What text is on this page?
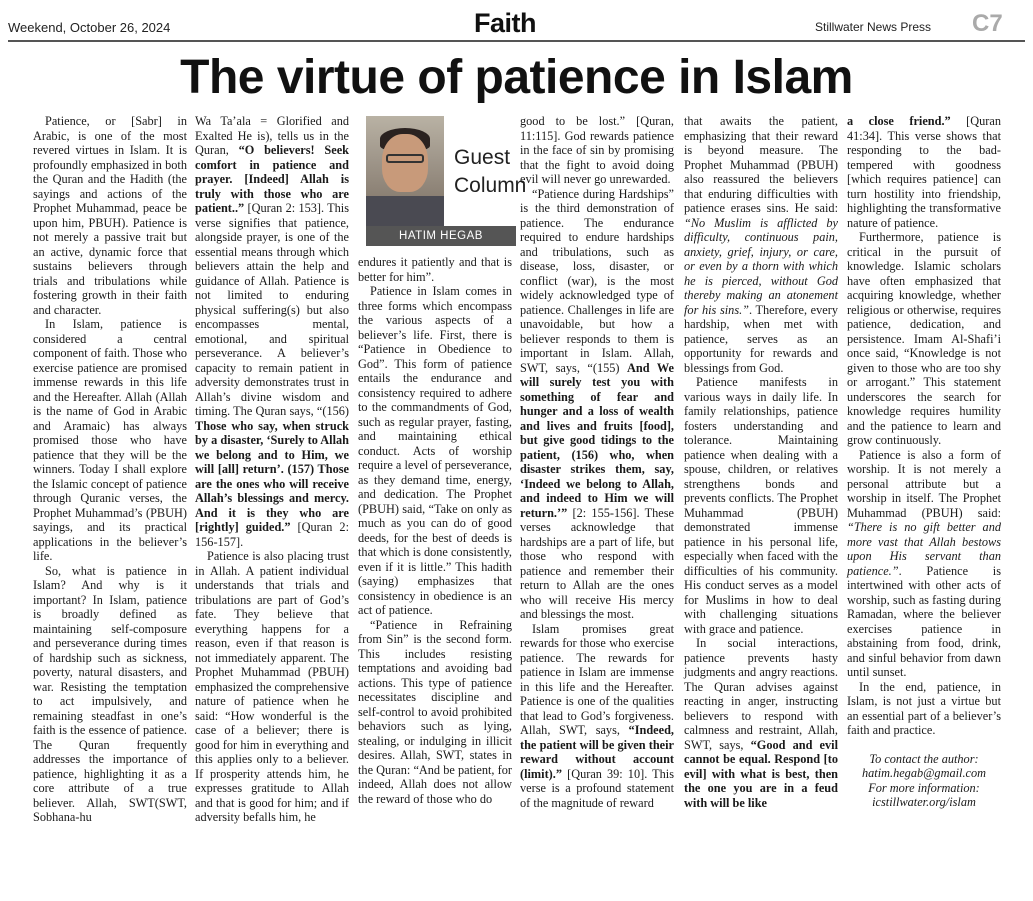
Weekend, October 26, 2024	Faith	Stillwater News Press C7
The virtue of patience in Islam

Patience, or [Sabr] in Arabic, is one of the most revered virtues in Islam. It is profoundly emphasized in both the Quran and the Hadith (the sayings and actions of the Prophet Muhammad, peace be upon him, PBUH). Patience is not merely a passive trait but an active, dynamic force that sustains believers through trials and tribulations while fostering growth in their faith and character.

In Islam, patience is considered a central component of faith. Those who exercise patience are promised immense rewards in this life and the Hereafter. Allah (Allah is the name of God in Arabic and Aramaic) has always promised those who have patience that they will be the winners. Today I shall explore the Islamic concept of patience through Quranic verses, the Prophet Muhammad’s (PBUH) sayings, and its practical applications in the believer’s life.

So, what is patience in Islam? And why is it important? In Islam, patience is broadly defined as maintaining self-composure and perseverance during times of hardship such as sickness, poverty, natural disasters, and war. Resisting the temptation to act impulsively, and remaining steadfast in one’s faith is the essence of patience. The Quran frequently addresses the importance of patience, highlighting it as a core attribute of a true believer. Allah, SWT(SWT, Sobhana-hu

Wa Ta’ala = Glorified and Exalted He is), tells us in the Quran, “O believers! Seek comfort in patience and prayer. [Indeed] Allah is truly with those who are patient..” [Quran 2: 153]. This verse signifies that patience, alongside prayer, is one of the essential means through which believers attain the help and guidance of Allah. Patience is not limited to enduring physical suffering(s) but also encompasses mental, emotional, and spiritual perseverance. A believer’s capacity to remain patient in adversity demonstrates trust in Allah’s divine wisdom and timing. The Quran says, “(156) Those who say, when struck by a disaster, ‘Surely to Allah we belong and to Him, we will [all] return’. (157) Those are the ones who will receive Allah’s blessings and mercy. And it is they who are [rightly] guided.” [Quran 2: 156-157].

Patience is also placing trust in Allah. A patient individual understands that trials and tribulations are part of God’s fate. They believe that everything happens for a reason, even if that reason is not immediately apparent. The Prophet Muhammad (PBUH) emphasized the comprehensive nature of patience when he said: “How wonderful is the case of a believer; there is good for him in everything and this applies only to a believer. If prosperity attends him, he expresses gratitude to Allah and that is good for him; and if adversity befalls him, he

Guest
Column
HATIM HEGAB

endures it patiently and that is better for him”.

Patience in Islam comes in three forms which encompass the various aspects of a believer’s life. First, there is “Patience in Obedience to God”. This form of patience entails the endurance and consistency required to adhere to the commandments of God, such as regular prayer, fasting, and maintaining ethical conduct. Acts of worship require a level of perseverance, as they demand time, energy, and dedication. The Prophet (PBUH) said, “Take on only as much as you can do of good deeds, for the best of deeds is that which is done consistently, even if it is little.” This hadith (saying) emphasizes that consistency in obedience is an act of patience.

“Patience in Refraining from Sin” is the second form. This includes resisting temptations and avoiding bad actions. This type of patience necessitates discipline and self-control to avoid prohibited behaviors such as lying, stealing, or indulging in illicit desires. Allah, SWT, states in the Quran: “And be patient, for indeed, Allah does not allow the reward of those who do

good to be lost.” [Quran, 11:115]. God rewards patience in the face of sin by promising that the fight to avoid doing evil will never go unrewarded.

“Patience during Hardships” is the third demonstration of patience. The endurance required to endure hardships and tribulations, such as disease, loss, disaster, or conflict (war), is the most widely acknowledged type of patience. Challenges in life are unavoidable, but how a believer responds to them is important in Islam. Allah, SWT, says, “(155) And We will surely test you with something of fear and hunger and a loss of wealth and lives and fruits [food], but give good tidings to the patient, (156) who, when disaster strikes them, say, ‘Indeed we belong to Allah, and indeed to Him we will return.’” [2: 155-156]. These verses acknowledge that hardships are a part of life, but those who respond with patience and remember their return to Allah are the ones who will receive His mercy and blessings the most.

Islam promises great rewards for those who exercise patience. The rewards for patience in Islam are immense in this life and the Hereafter. Patience is one of the qualities that lead to God’s forgiveness. Allah, SWT, says, “Indeed, the patient will be given their reward without account (limit).” [Quran 39: 10]. This verse is a profound statement of the magnitude of reward

that awaits the patient, emphasizing that their reward is beyond measure. The Prophet Muhammad (PBUH) also reassured the believers that enduring difficulties with patience erases sins. He said: “No Muslim is afflicted by difficulty, continuous pain, anxiety, grief, injury, or care, or even by a thorn with which he is pierced, without God thereby making an atonement for his sins.”. Therefore, every hardship, when met with patience, serves as an opportunity for rewards and blessings from God.

Patience manifests in various ways in daily life. In family relationships, patience fosters understanding and tolerance. Maintaining patience when dealing with a spouse, children, or relatives strengthens bonds and prevents conflicts. The Prophet Muhammad (PBUH) demonstrated immense patience in his personal life, especially when faced with the difficulties of his community. His conduct serves as a model for Muslims in how to deal with challenging situations with grace and patience.

In social interactions, patience prevents hasty judgments and angry reactions. The Quran advises against reacting in anger, instructing believers to respond with calmness and restraint, Allah, SWT, says, “Good and evil cannot be equal. Respond [to evil] with what is best, then the one you are in a feud with will be like

a close friend.” [Quran 41:34]. This verse shows that responding to the bad-tempered with goodness [which requires patience] can turn hostility into friendship, highlighting the transformative nature of patience.

Furthermore, patience is critical in the pursuit of knowledge. Islamic scholars have often emphasized that acquiring knowledge, whether religious or otherwise, requires patience, dedication, and persistence. Imam Al-Shafi’i once said, “Knowledge is not given to those who are too shy or arrogant.” This statement underscores the search for knowledge requires humility and the patience to learn and grow continuously.

Patience is also a form of worship. It is not merely a personal attribute but a worship in itself. The Prophet Muhammad (PBUH) said: “There is no gift better and more vast that Allah bestows upon His servant than patience.”. Patience is intertwined with other acts of worship, such as fasting during Ramadan, where the believer exercises patience in abstaining from food, drink, and sinful behavior from dawn until sunset.

In the end, patience, in Islam, is not just a virtue but an essential part of a believer’s faith and practice.

To contact the author:
hatim.hegab@gmail.com
For more information:
icstillwater.org/islam
